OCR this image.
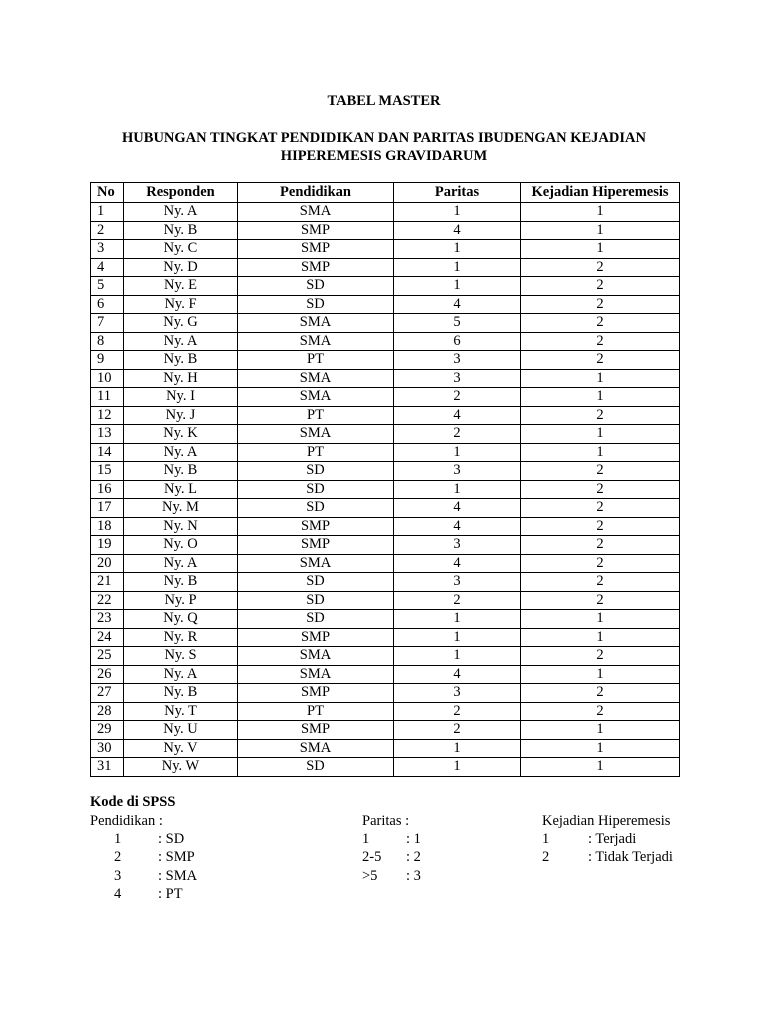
TABEL MASTER
HUBUNGAN TINGKAT PENDIDIKAN DAN PARITAS IBUDENGAN KEJADIAN
HIPEREMESIS GRAVIDARUM
No	Responden	Pendidikan	Paritas	Kejadian Hiperemesis
1	Ny. A	SMA	1	1
2	Ny. B	SMP	4	1
3	Ny. C	SMP	1	1
4	Ny. D	SMP	1	2
5	Ny. E	SD	1	2
6	Ny. F	SD	4	2
7	Ny. G	SMA	5	2
8	Ny. A	SMA	6	2
9	Ny. B	PT	3	2
10	Ny. H	SMA	3	1
11	Ny. I	SMA	2	1
12	Ny. J	PT	4	2
13	Ny. K	SMA	2	1
14	Ny. A	PT	1	1
15	Ny. B	SD	3	2
16	Ny. L	SD	1	2
17	Ny. M	SD	4	2
18	Ny. N	SMP	4	2
19	Ny. O	SMP	3	2
20	Ny. A	SMA	4	2
21	Ny. B	SD	3	2
22	Ny. P	SD	2	2
23	Ny. Q	SD	1	1
24	Ny. R	SMP	1	1
25	Ny. S	SMA	1	2
26	Ny. A	SMA	4	1
27	Ny. B	SMP	3	2
28	Ny. T	PT	2	2
29	Ny. U	SMP	2	1
30	Ny. V	SMA	1	1
31	Ny. W	SD	1	1
Kode di SPSS
Pendidikan :
1	: SD
2	: SMP
3	: SMA
4	: PT
Paritas :
1	: 1
2-5	: 2
>5	: 3
Kejadian Hiperemesis
1	: Terjadi
2	: Tidak Terjadi
